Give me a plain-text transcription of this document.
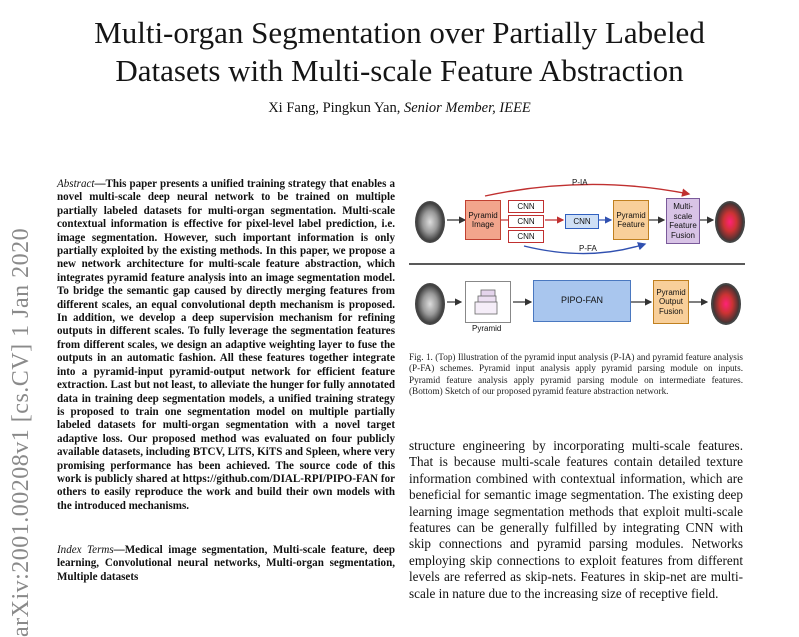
Multi-organ Segmentation over Partially Labeled
Datasets with Multi-scale Feature Abstraction
Xi Fang, Pingkun Yan, Senior Member, IEEE
arXiv:2001.00208v1 [cs.CV] 1 Jan 2020
Abstract—This paper presents a unified training strategy that enables a novel multi-scale deep neural network to be trained on multiple partially labeled datasets for multi-organ segmentation. Multi-scale contextual information is effective for pixel-level label prediction, i.e. image segmentation. However, such important information is only partially exploited by the existing methods. In this paper, we propose a new network architecture for multi-scale feature abstraction, which integrates pyramid feature analysis into an image segmentation model. To bridge the semantic gap caused by directly merging features from different scales, an equal convolutional depth mechanism is proposed. In addition, we develop a deep supervision mechanism for refining outputs in different scales. To fully leverage the segmentation features from different scales, we design an adaptive weighting layer to fuse the outputs in an automatic fashion. All these features together integrate into a pyramid-input pyramid-output network for efficient feature extraction. Last but not least, to alleviate the hunger for fully annotated data in training deep segmentation models, a unified training strategy is proposed to train one segmentation model on multiple partially labeled datasets for multi-organ segmentation with a novel target adaptive loss. Our proposed method was evaluated on four publicly available datasets, including BTCV, LiTS, KiTS and Spleen, where very promising performance has been achieved. The source code of this work is publicly shared at https://github.com/DIAL-RPI/PIPO-FAN for others to easily reproduce the work and build their own models with the introduced mechanisms.
Index Terms—Medical image segmentation, Multi-scale feature, deep learning, Convolutional neural networks, Multi-organ segmentation, Multiple datasets
P-IA
Pyramid Image
CNN
CNN
CNN
CNN
P-FA
Pyramid Feature
Multi-scale Feature Fusion
Pyramid
PIPO-FAN
Pyramid Output Fusion
Fig. 1. (Top) Illustration of the pyramid input analysis (P-IA) and pyramid feature analysis (P-FA) schemes. Pyramid input analysis apply pyramid parsing module on inputs. Pyramid feature analysis apply pyramid parsing module on intermediate features. (Bottom) Sketch of our proposed pyramid feature abstraction network.
structure engineering by incorporating multi-scale features. That is because multi-scale features contain detailed texture information combined with contextual information, which are beneficial for semantic image segmentation. The existing deep learning image segmentation methods that exploit multi-scale features can be generally fulfilled by integrating CNN with skip connections and pyramid parsing modules. Networks employing skip connections to exploit features from different levels are referred as skip-nets. Features in skip-net are multi-scale in nature due to the increasing size of receptive field.
